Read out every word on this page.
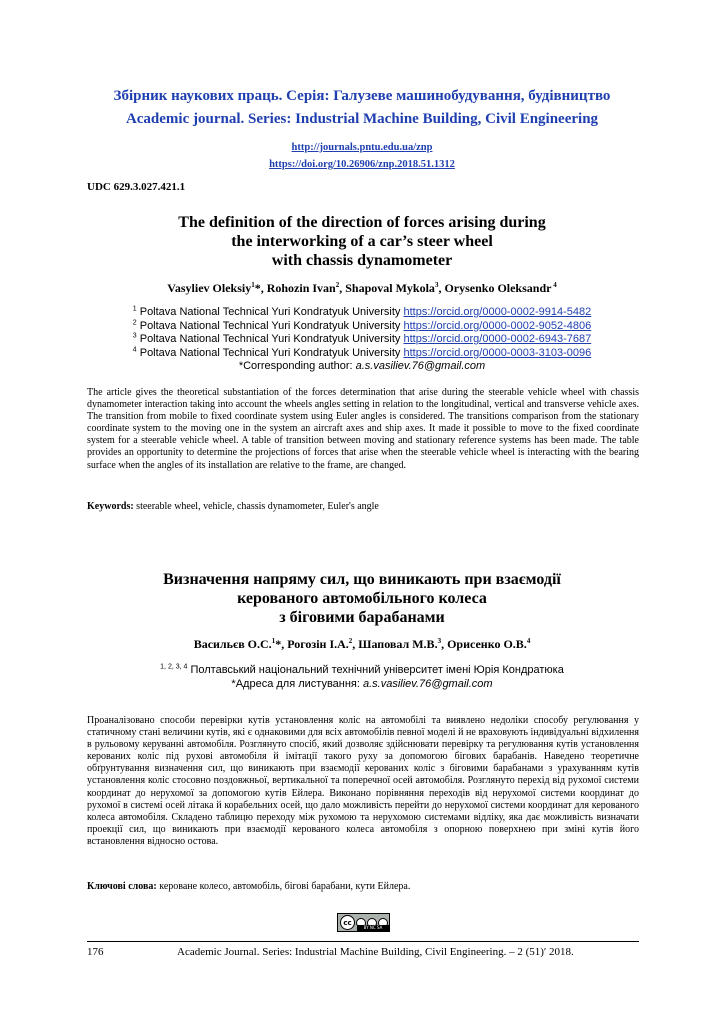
Збірник наукових праць. Серія: Галузеве машинобудування, будівництво
Academic journal. Series: Industrial Machine Building, Civil Engineering
http://journals.pntu.edu.ua/znp
https://doi.org/10.26906/znp.2018.51.1312
UDC 629.3.027.421.1
The definition of the direction of forces arising during
the interworking of a car’s steer wheel
with chassis dynamometer
Vasyliev Oleksiy$^1$*, Rohozin Ivan$^2$, Shapoval Mykola$^3$, Orysenko Oleksandr $^4$
$^1$ Poltava National Technical Yuri Kondratyuk University https://orcid.org/0000-0002-9914-5482
$^2$ Poltava National Technical Yuri Kondratyuk University https://orcid.org/0000-0002-9052-4806
$^3$ Poltava National Technical Yuri Kondratyuk University https://orcid.org/0000-0002-6943-7687
$^4$ Poltava National Technical Yuri Kondratyuk University https://orcid.org/0000-0003-3103-0096
*Corresponding author: a.s.vasiliev.76@gmail.com
The article gives the theoretical substantiation of the forces determination that arise during the steerable vehicle wheel with chassis dynamometer interaction taking into account the wheels angles setting in relation to the longitudinal, vertical and transverse vehicle axes. The transition from mobile to fixed coordinate system using Euler angles is considered. The transitions comparison from the stationary coordinate system to the moving one in the system an aircraft axes and ship axes. It made it possible to move to the fixed coordinate system for a steerable vehicle wheel. A table of transition between moving and stationary reference systems has been made. The table provides an opportunity to determine the projections of forces that arise when the steerable vehicle wheel is interacting with the bearing surface when the angles of its installation are relative to the frame, are changed.
Keywords: steerable wheel, vehicle, chassis dynamometer, Euler's angle
Визначення напряму сил, що виникають при взаємодії
керованого автомобільного колеса
з біговими барабанами
Васильєв О.С.$^1$*, Рогозін І.А.$^2$, Шаповал М.В.$^3$, Орисенко О.В.$^4$
$^{1, 2, 3, 4}$ Полтавський національний технічний університет імені Юрія Кондратюка
*Адреса для листування: a.s.vasiliev.76@gmail.com
Проаналізовано способи перевірки кутів установлення коліс на автомобілі та виявлено недоліки способу регулювання у статичному стані величини кутів, які є однаковими для всіх автомобілів певної моделі й не враховують індивідуальні відхилення в рульовому керуванні автомобіля. Розглянуто спосіб, який дозволяє здійснювати перевірку та регулювання кутів установлення керованих коліс під рухові автомобіля й імітації такого руху за допомогою бігових барабанів. Наведено теоретичне обґрунтування визначення сил, що виникають при взаємодії керованих коліс з біговими барабанами з урахуванням кутів установлення коліс стосовно поздовжньої, вертикальної та поперечної осей автомобіля. Розглянуто перехід від рухомої системи координат до нерухомої за допомогою кутів Ейлера. Виконано порівняння переходів від нерухомої системи координат до рухомої в системі осей літака й корабельних осей, що дало можливість перейти до нерухомої системи координат для керованого колеса автомобіля. Складено таблицю переходу між рухомою та нерухомою системами відліку, яка дає можливість визначати проекції сил, що виникають при взаємодії керованого колеса автомобіля з опорною поверхнею при зміні кутів його встановлення відносно остова.
Ключові слова: кероване колесо, автомобіль, бігові барабани, кути Ейлера.
cc
BY NC SA
176	Academic Journal. Series: Industrial Machine Building, Civil Engineering. – 2 (51)′ 2018.
